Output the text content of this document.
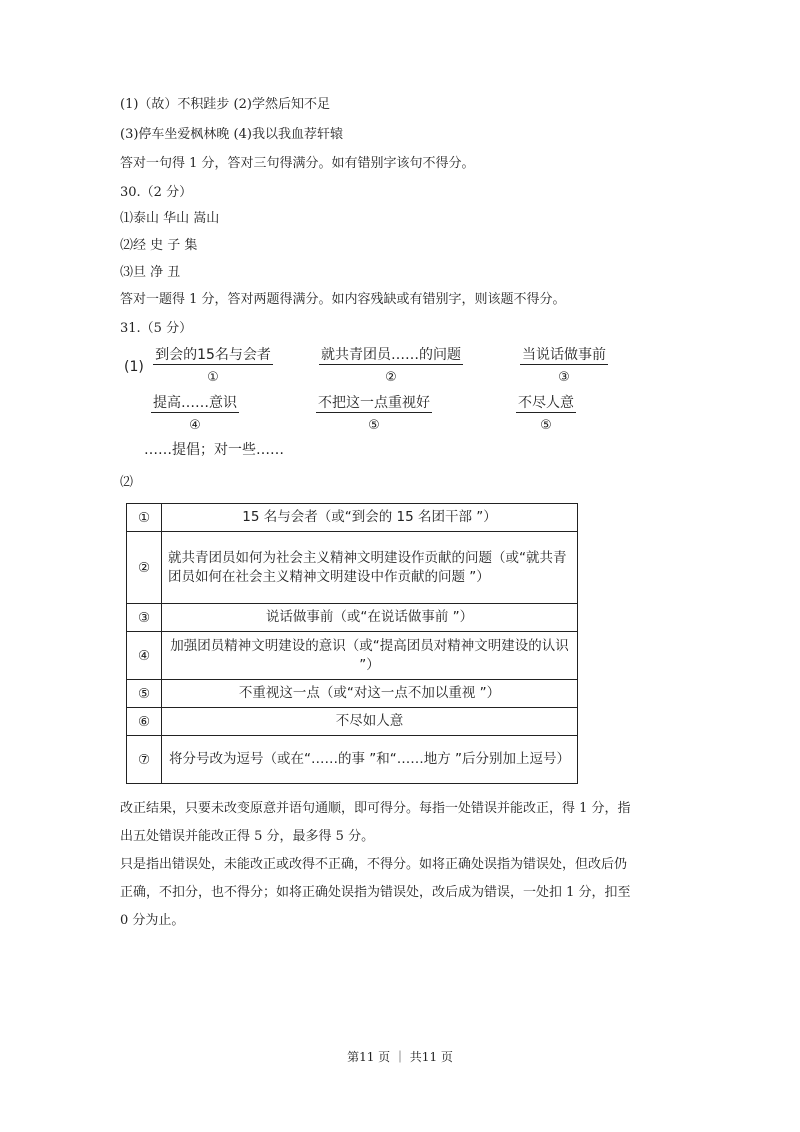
(1)（故）不积跬步 (2)学然后知不足
(3)停车坐爱枫林晚 (4)我以我血荐轩辕
答对一句得 1 分，答对三句得满分。如有错别字该句不得分。
30.（2 分）
⑴泰山 华山 嵩山
⑵经 史 子 集
⑶旦 净 丑
答对一题得 1 分，答对两题得满分。如内容残缺或有错别字，则该题不得分。
31.（5 分）
(1)
到会的15名与会者
①
就共青团员……的问题
②
当说话做事前
③
提高……意识
④
不把这一点重视好
⑤
不尽人意
⑤
……提倡；对一些……
⑵
①	15 名与会者（或“到会的 15 名团干部 ”）
②	就共青团员如何为社会主义精神文明建设作贡献的问题（或“就共青团员如何在社会主义精神文明建设中作贡献的问题 ”）
③	说话做事前（或“在说话做事前 ”）
④	加强团员精神文明建设的意识（或“提高团员对精神文明建设的认识 ”）
⑤	不重视这一点（或“对这一点不加以重视 ”）
⑥	不尽如人意
⑦	将分号改为逗号（或在“……的事 ”和“……地方 ”后分别加上逗号）
改正结果，只要未改变原意并语句通顺，即可得分。每指一处错误并能改正，得 1 分，指
出五处错误并能改正得 5 分，最多得 5 分。
只是指出错误处，未能改正或改得不正确，不得分。如将正确处误指为错误处，但改后仍
正确，不扣分，也不得分；如将正确处误指为错误处，改后成为错误，一处扣 1 分，扣至
0 分为止。
第11 页 ｜ 共11 页
